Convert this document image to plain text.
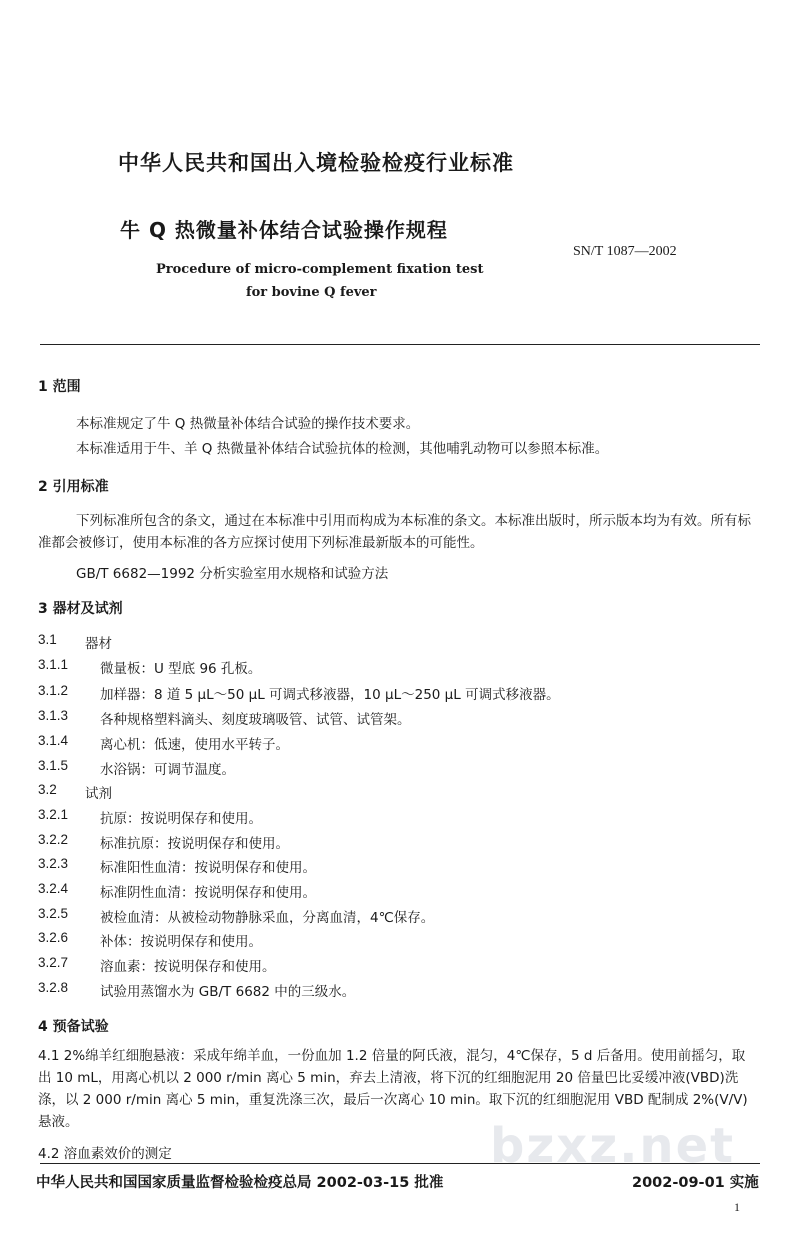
中华人民共和国出入境检验检疫行业标准
牛 Q 热微量补体结合试验操作规程
SN/T 1087—2002
Procedure of micro-complement fixation test
for bovine Q fever
1 范围
本标准规定了牛 Q 热微量补体结合试验的操作技术要求。
本标准适用于牛、羊 Q 热微量补体结合试验抗体的检测，其他哺乳动物可以参照本标准。
2 引用标准
下列标准所包含的条文，通过在本标准中引用而构成为本标准的条文。本标准出版时，所示版本均为有效。所有标准都会被修订，使用本标准的各方应探讨使用下列标准最新版本的可能性。
GB/T 6682—1992 分析实验室用水规格和试验方法
3 器材及试剂
3.1 器材
3.1.1 微量板：U 型底 96 孔板。
3.1.2 加样器：8 道 5 μL～50 μL 可调式移液器，10 μL～250 μL 可调式移液器。
3.1.3 各种规格塑料滴头、刻度玻璃吸管、试管、试管架。
3.1.4 离心机：低速，使用水平转子。
3.1.5 水浴锅：可调节温度。
3.2 试剂
3.2.1 抗原：按说明保存和使用。
3.2.2 标准抗原：按说明保存和使用。
3.2.3 标准阳性血清：按说明保存和使用。
3.2.4 标准阴性血清：按说明保存和使用。
3.2.5 被检血清：从被检动物静脉采血，分离血清，4℃保存。
3.2.6 补体：按说明保存和使用。
3.2.7 溶血素：按说明保存和使用。
3.2.8 试验用蒸馏水为 GB/T 6682 中的三级水。
4 预备试验
4.1 2%绵羊红细胞悬液：采成年绵羊血，一份血加 1.2 倍量的阿氏液，混匀，4℃保存，5 d 后备用。使用前摇匀，取出 10 mL，用离心机以 2 000 r/min 离心 5 min，弃去上清液，将下沉的红细胞泥用 20 倍量巴比妥缓冲液(VBD)洗涤，以 2 000 r/min 离心 5 min，重复洗涤三次，最后一次离心 10 min。取下沉的红细胞泥用 VBD 配制成 2%(V/V)悬液。
4.2 溶血素效价的测定	bzxz.net
中华人民共和国国家质量监督检验检疫总局 2002-03-15 批准	2002-09-01 实施
1
